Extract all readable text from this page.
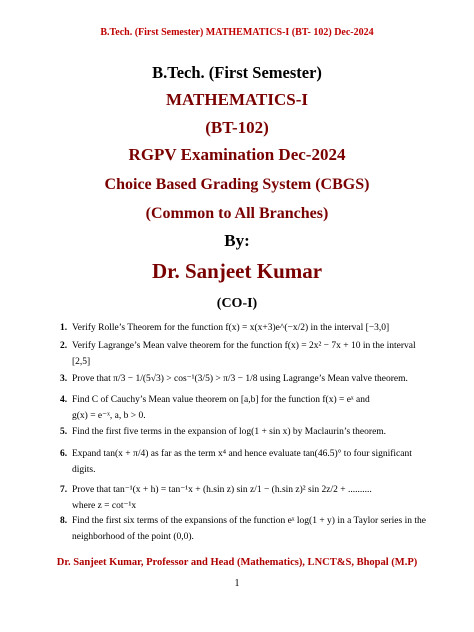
B.Tech. (First Semester) MATHEMATICS-I (BT- 102) Dec-2024
B.Tech. (First Semester)
MATHEMATICS-I
(BT-102)
RGPV Examination Dec-2024
Choice Based Grading System (CBGS)
(Common to All Branches)
By:
Dr. Sanjeet Kumar
(CO-I)
1. Verify Rolle’s Theorem for the function f(x) = x(x+3)e^(−x/2) in the interval [−3,0]
2. Verify Lagrange’s Mean valve theorem for the function f(x) = 2x² − 7x + 10 in the interval
[2,5]
3. Prove that π/3 − 1/(5√3) > cos⁻¹(3/5) > π/3 − 1/8 using Lagrange’s Mean valve theorem.
4. Find C of Cauchy’s Mean value theorem on [a,b] for the function f(x) = eˣ and
g(x) = e⁻ˣ, a, b > 0.
5. Find the first five terms in the expansion of log(1 + sin x) by Maclaurin’s theorem.
6. Expand tan(x + π/4) as far as the term x⁴ and hence evaluate tan(46.5)° to four significant
digits.
7. Prove that tan⁻¹(x + h) = tan⁻¹x + (h.sin z) sin z/1 − (h.sin z)² sin 2z/2 + ..........
where z = cot⁻¹x
8. Find the first six terms of the expansions of the function eˣ log(1 + y) in a Taylor series in the
neighborhood of the point (0,0).
Dr. Sanjeet Kumar, Professor and Head (Mathematics), LNCT&S, Bhopal (M.P)
1
